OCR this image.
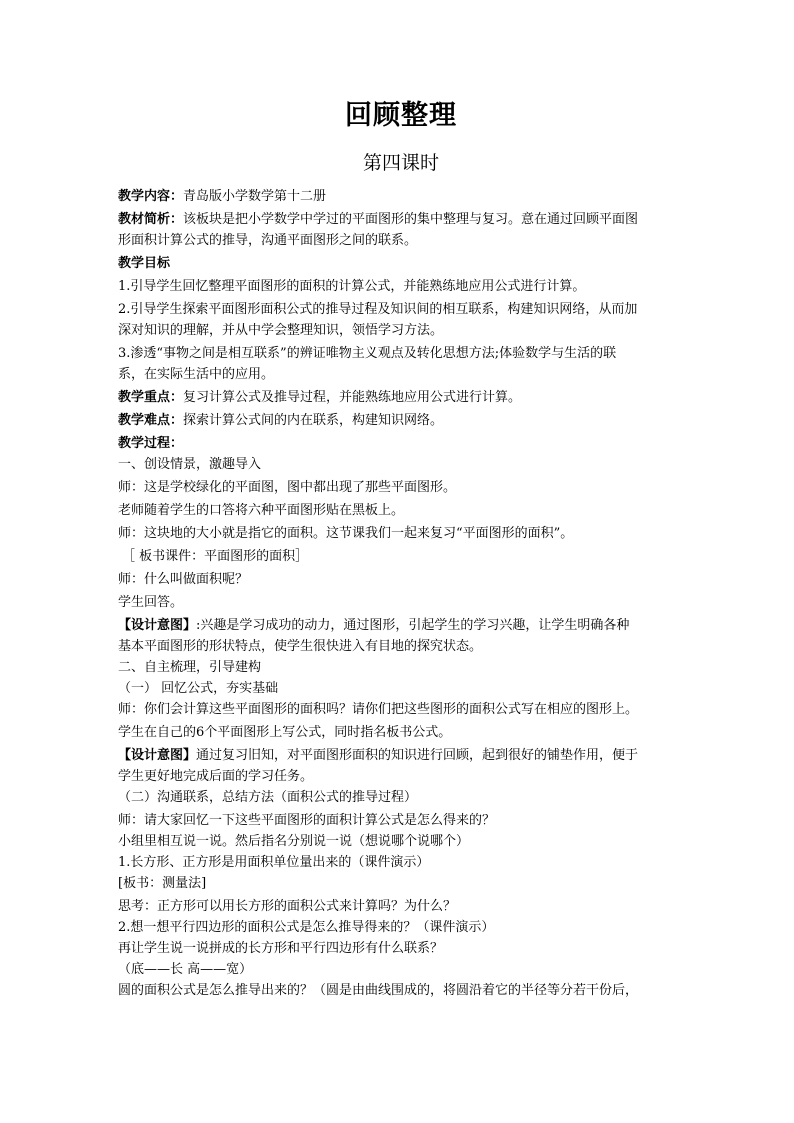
回顾整理
第四课时
教学内容：青岛版小学数学第十二册
教材简析：该板块是把小学数学中学过的平面图形的集中整理与复习。意在通过回顾平面图
形面积计算公式的推导，沟通平面图形之间的联系。
教学目标
1.引导学生回忆整理平面图形的面积的计算公式，并能熟练地应用公式进行计算。
2.引导学生探索平面图形面积公式的推导过程及知识间的相互联系，构建知识网络，从而加
深对知识的理解，并从中学会整理知识，领悟学习方法。
3.渗透“事物之间是相互联系”的辨证唯物主义观点及转化思想方法;体验数学与生活的联
系，在实际生活中的应用。
教学重点：复习计算公式及推导过程，并能熟练地应用公式进行计算。
教学难点：探索计算公式间的内在联系，构建知识网络。
教学过程：
一、创设情景，激趣导入
师：这是学校绿化的平面图，图中都出现了那些平面图形。
老师随着学生的口答将六种平面图形贴在黑板上。
师：这块地的大小就是指它的面积。这节课我们一起来复习“平面图形的面积”。
［ 板书课件：平面图形的面积］
师：什么叫做面积呢？
学生回答。
【设计意图】:兴趣是学习成功的动力，通过图形，引起学生的学习兴趣，让学生明确各种
基本平面图形的形状特点，使学生很快进入有目地的探究状态。
二、自主梳理，引导建构
（一） 回忆公式，夯实基础
师：你们会计算这些平面图形的面积吗？请你们把这些图形的面积公式写在相应的图形上。
学生在自己的6个平面图形上写公式，同时指名板书公式。
【设计意图】通过复习旧知，对平面图形面积的知识进行回顾，起到很好的铺垫作用，便于
学生更好地完成后面的学习任务。
（二）沟通联系，总结方法（面积公式的推导过程）
师：请大家回忆一下这些平面图形的面积计算公式是怎么得来的？
小组里相互说一说。然后指名分别说一说（想说哪个说哪个）
1.长方形、正方形是用面积单位量出来的（课件演示）
[板书：测量法]
思考：正方形可以用长方形的面积公式来计算吗？为什么？
2.想一想平行四边形的面积公式是怎么推导得来的？（课件演示）
再让学生说一说拼成的长方形和平行四边形有什么联系？
（底——长 高——宽）
圆的面积公式是怎么推导出来的？（圆是由曲线围成的，将圆沿着它的半径等分若干份后，
